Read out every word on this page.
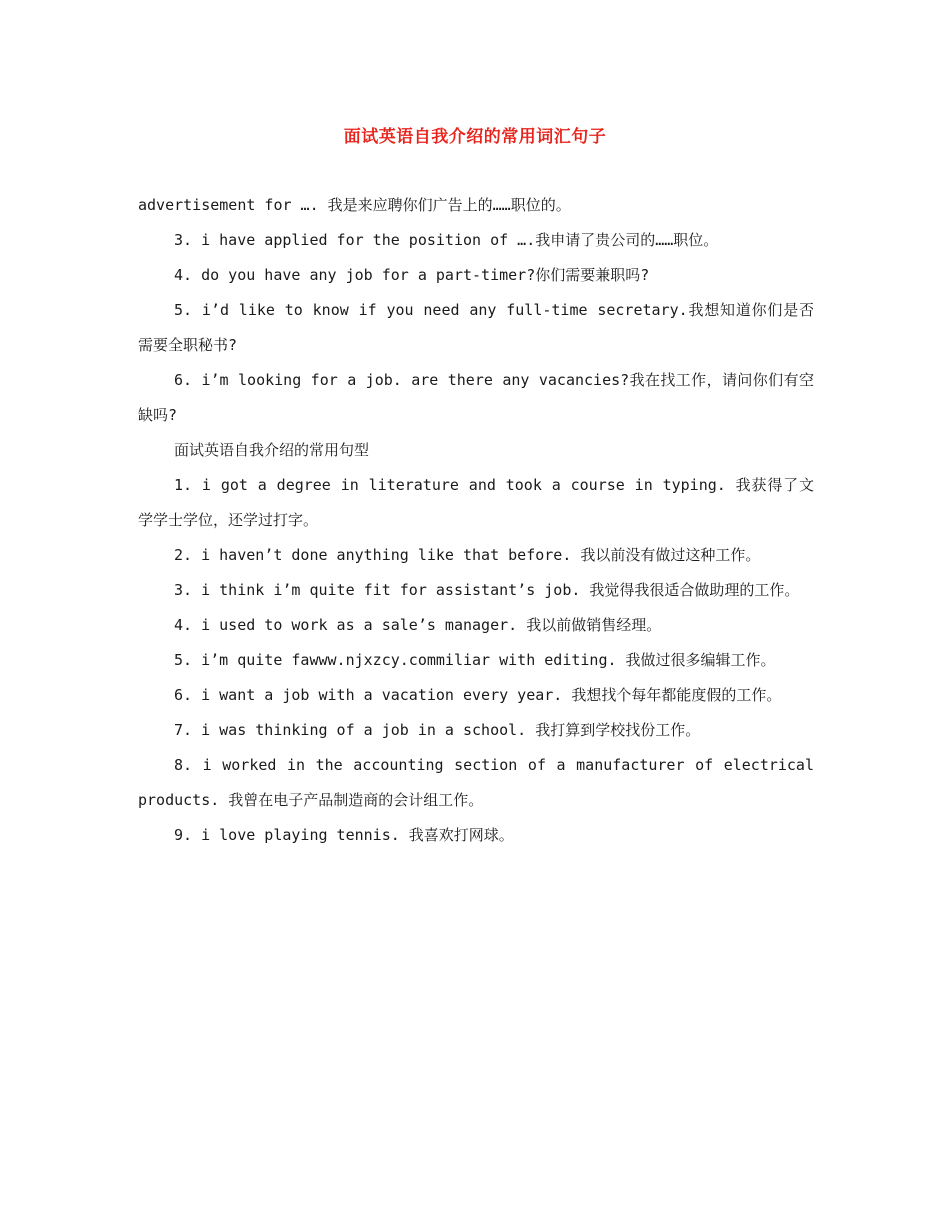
面试英语自我介绍的常用词汇句子

advertisement for …. 我是来应聘你们广告上的……职位的。

3. i have applied for the position of ….我申请了贵公司的……职位。

4. do you have any job for a part-timer?你们需要兼职吗?

5. i’d like to know if you need any full-time secretary.我想知道你们是否需要全职秘书?

6. i’m looking for a job. are there any vacancies?我在找工作，请问你们有空缺吗?

面试英语自我介绍的常用句型

1. i got a degree in literature and took a course in typing. 我获得了文学学士学位，还学过打字。

2. i haven’t done anything like that before. 我以前没有做过这种工作。

3. i think i’m quite fit for assistant’s job. 我觉得我很适合做助理的工作。

4. i used to work as a sale’s manager. 我以前做销售经理。

5. i’m quite fawww.njxzcy.commiliar with editing. 我做过很多编辑工作。

6. i want a job with a vacation every year. 我想找个每年都能度假的工作。

7. i was thinking of a job in a school. 我打算到学校找份工作。

8. i worked in the accounting section of a manufacturer of electrical products. 我曾在电子产品制造商的会计组工作。

9. i love playing tennis. 我喜欢打网球。
